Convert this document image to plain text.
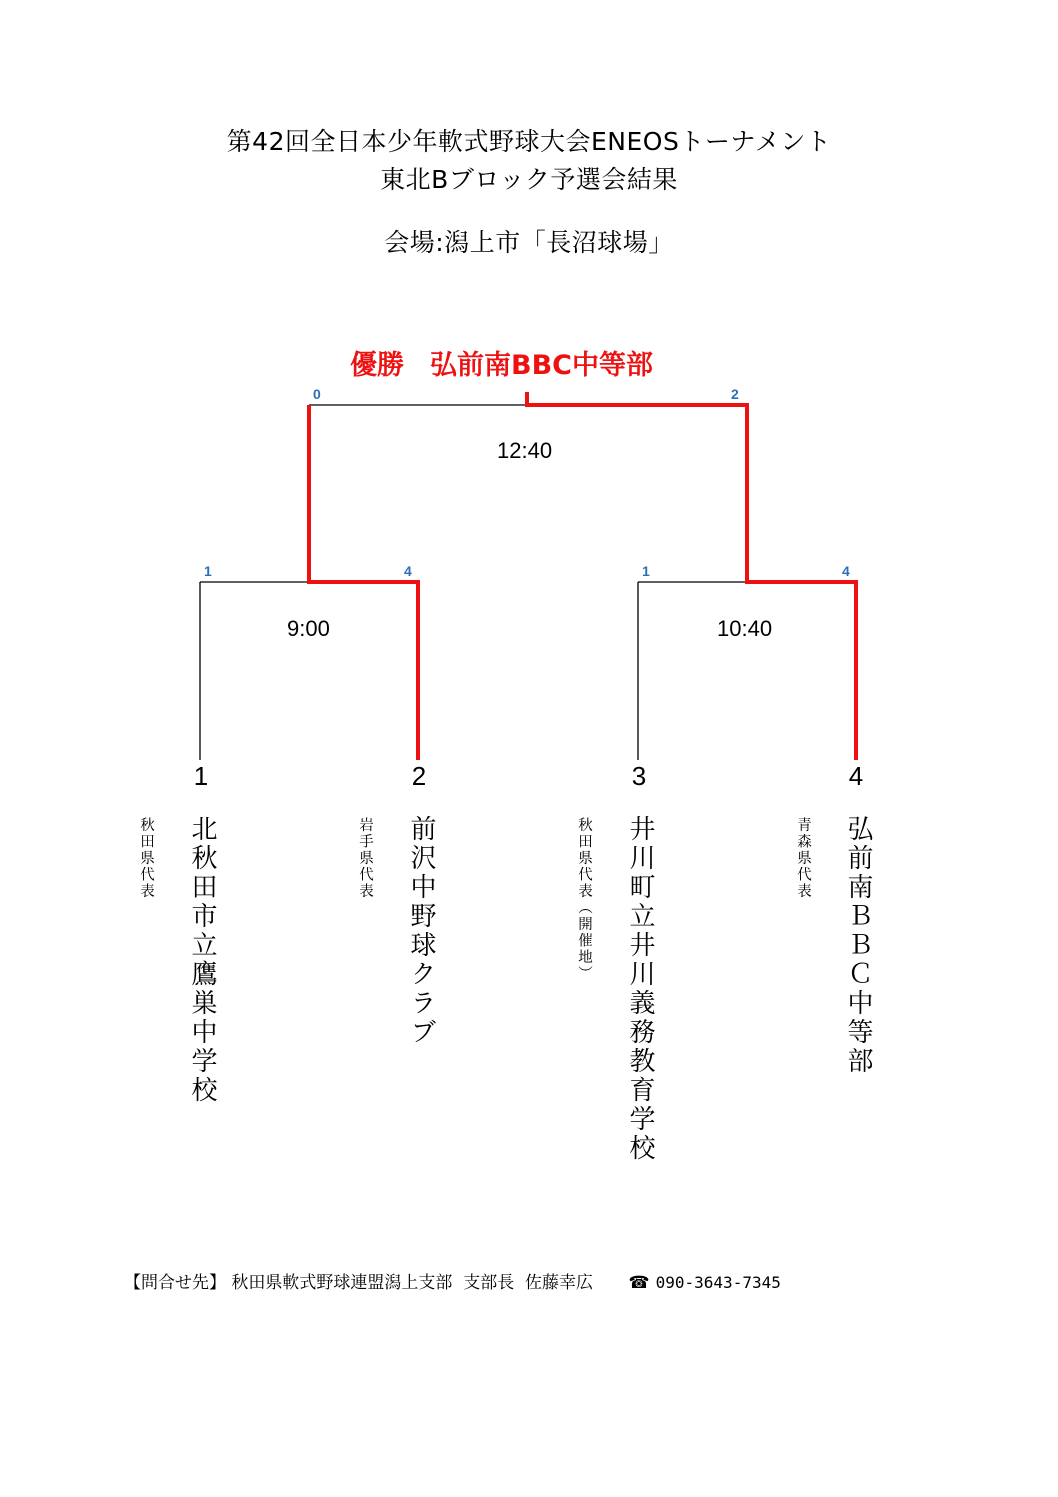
第42回全日本少年軟式野球大会ENEOSトーナメント
東北Bブロック予選会結果
会場:潟上市「長沼球場」
優勝 弘前南BBC中等部
0	2
12:40
1	4
9:00
1	4
10:40
1	2	3	4
北秋田市立鷹巣中学校	前沢中野球クラブ	井川町立井川義務教育学校	弘前南ＢＢＣ中等部
秋田県代表	岩手県代表	秋田県代表（開催地）	青森県代表
【問合せ先】 秋田県軟式野球連盟潟上支部 支部長 佐藤幸広 ☎ 090-3643-7345
